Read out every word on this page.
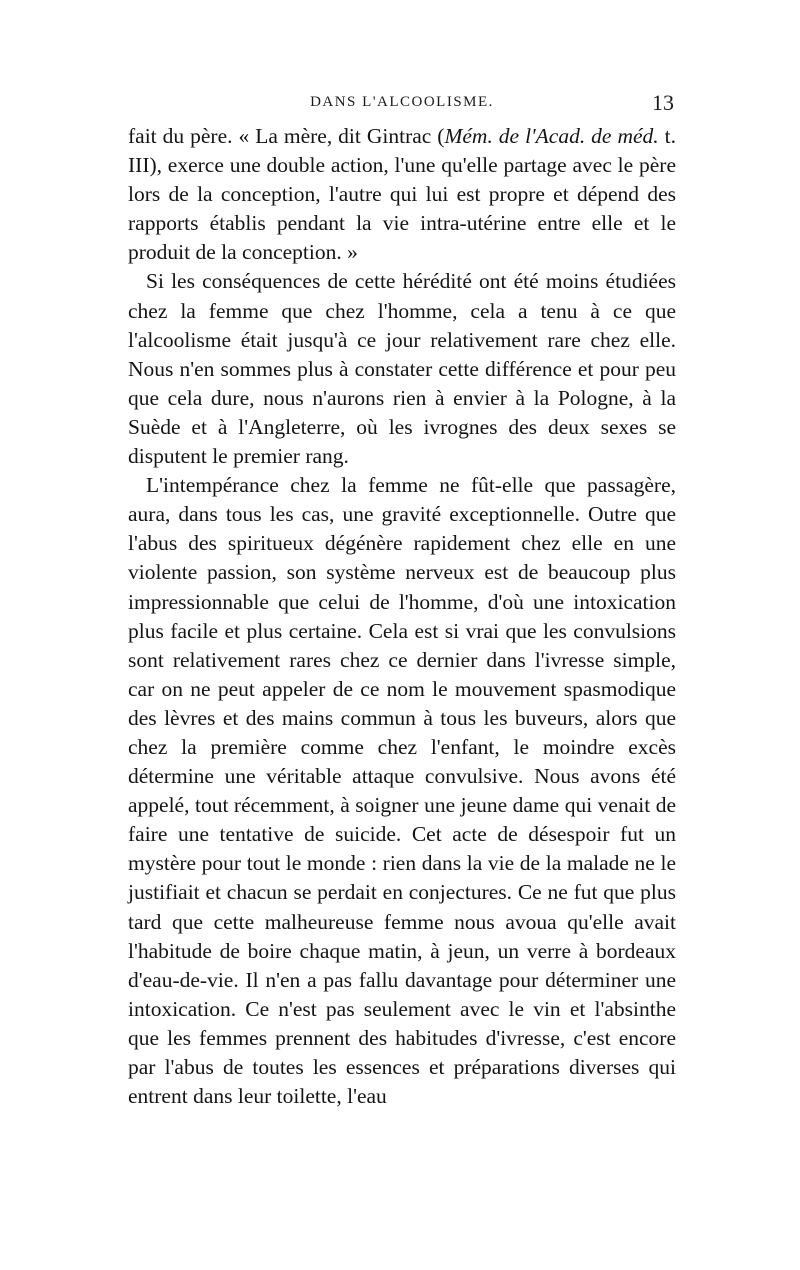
DANS L'ALCOOLISME.	13

fait du père. « La mère, dit Gintrac (Mém. de l'Acad. de méd. t. III), exerce une double action, l'une qu'elle partage avec le père lors de la conception, l'autre qui lui est propre et dépend des rapports établis pendant la vie intra-utérine entre elle et le produit de la conception. »

Si les conséquences de cette hérédité ont été moins étudiées chez la femme que chez l'homme, cela a tenu à ce que l'alcoolisme était jusqu'à ce jour relativement rare chez elle. Nous n'en sommes plus à constater cette différence et pour peu que cela dure, nous n'aurons rien à envier à la Pologne, à la Suède et à l'Angleterre, où les ivrognes des deux sexes se disputent le premier rang.

L'intempérance chez la femme ne fût-elle que passagère, aura, dans tous les cas, une gravité exceptionnelle. Outre que l'abus des spiritueux dégénère rapidement chez elle en une violente passion, son système nerveux est de beaucoup plus impressionnable que celui de l'homme, d'où une intoxication plus facile et plus certaine. Cela est si vrai que les convulsions sont relativement rares chez ce dernier dans l'ivresse simple, car on ne peut appeler de ce nom le mouvement spasmodique des lèvres et des mains commun à tous les buveurs, alors que chez la première comme chez l'enfant, le moindre excès détermine une véritable attaque convulsive. Nous avons été appelé, tout récemment, à soigner une jeune dame qui venait de faire une tentative de suicide. Cet acte de désespoir fut un mystère pour tout le monde : rien dans la vie de la malade ne le justifiait et chacun se perdait en conjectures. Ce ne fut que plus tard que cette malheureuse femme nous avoua qu'elle avait l'habitude de boire chaque matin, à jeun, un verre à bordeaux d'eau-de-vie. Il n'en a pas fallu davantage pour déterminer une intoxication. Ce n'est pas seulement avec le vin et l'absinthe que les femmes prennent des habitudes d'ivresse, c'est encore par l'abus de toutes les essences et préparations diverses qui entrent dans leur toilette, l'eau
